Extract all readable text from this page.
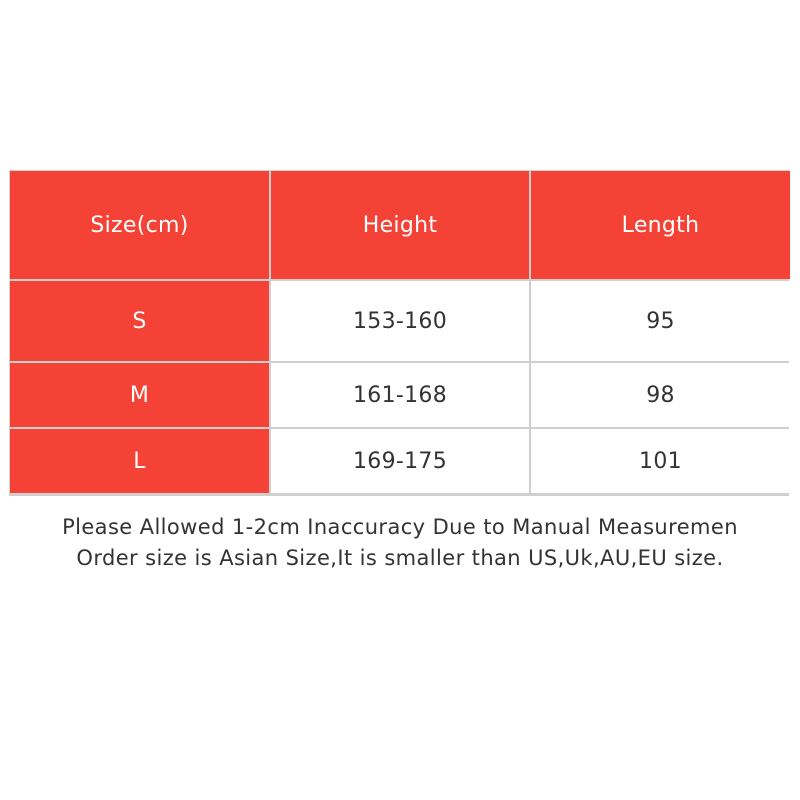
Size(cm)	Height	Length
S	153-160	95
M	161-168	98
L	169-175	101

Please Allowed 1-2cm Inaccuracy Due to Manual Measuremen

Order size is Asian Size,It is smaller than US,Uk,AU,EU size.
